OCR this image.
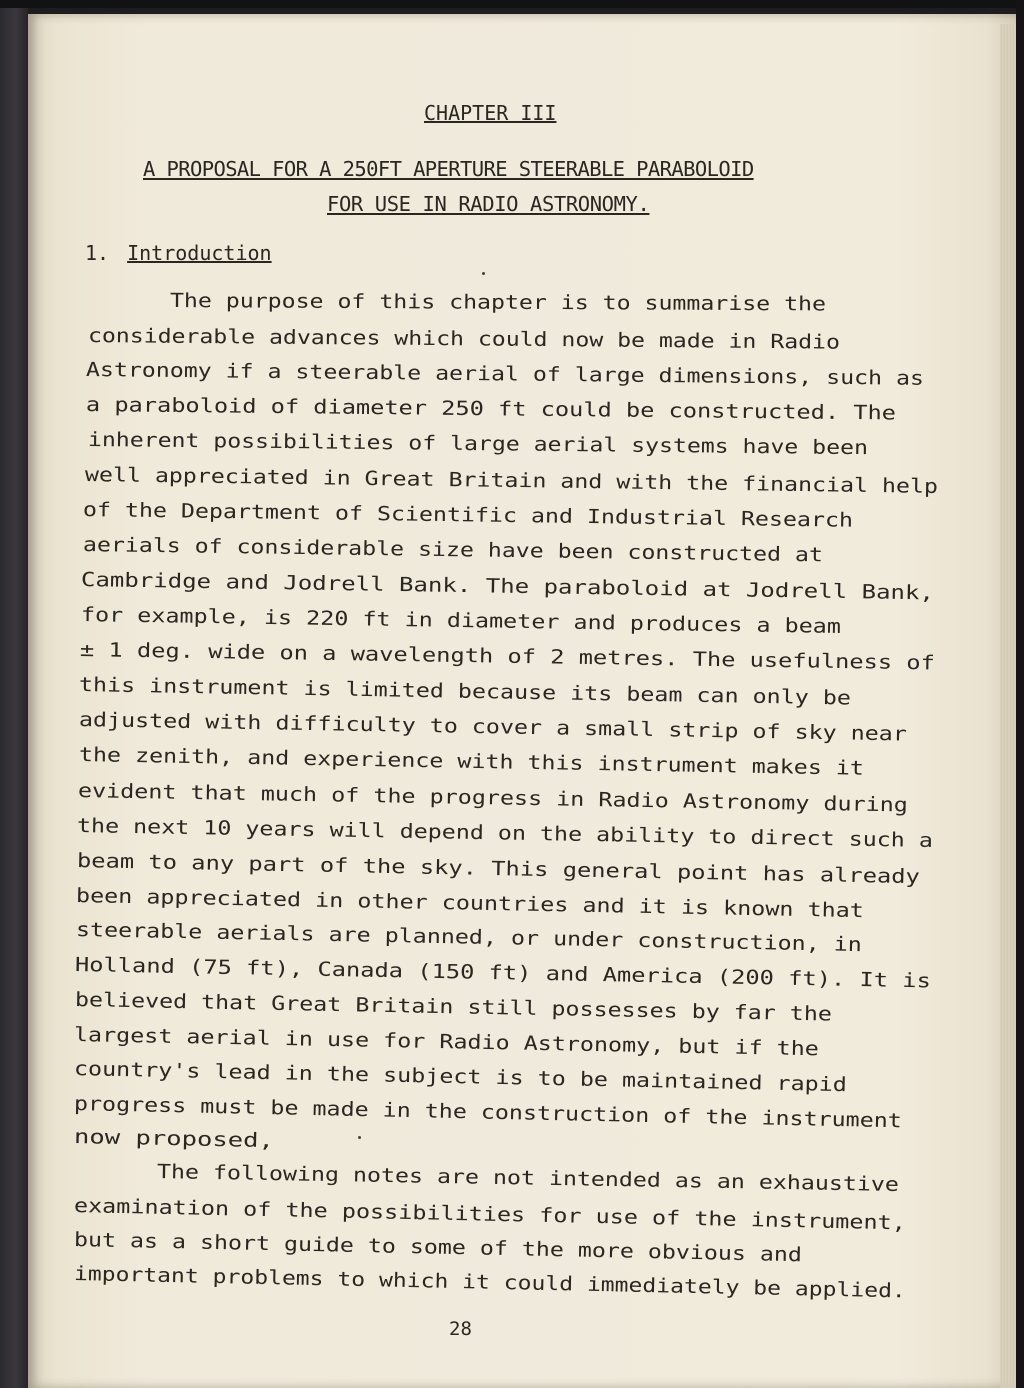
CHAPTER III
A PROPOSAL FOR A 250FT APERTURE STEERABLE PARABOLOID
FOR USE IN RADIO ASTRONOMY.
1. Introduction
The purpose of this chapter is to summarise the
considerable advances which could now be made in Radio
Astronomy if a steerable aerial of large dimensions, such as
a paraboloid of diameter 250 ft could be constructed. The
inherent possibilities of large aerial systems have been
well appreciated in Great Britain and with the financial help
of the Department of Scientific and Industrial Research
aerials of considerable size have been constructed at
Cambridge and Jodrell Bank. The paraboloid at Jodrell Bank,
for example, is 220 ft in diameter and produces a beam
± 1 deg. wide on a wavelength of 2 metres. The usefulness of
this instrument is limited because its beam can only be
adjusted with difficulty to cover a small strip of sky near
the zenith, and experience with this instrument makes it
evident that much of the progress in Radio Astronomy during
the next 10 years will depend on the ability to direct such a
beam to any part of the sky. This general point has already
been appreciated in other countries and it is known that
steerable aerials are planned, or under construction, in
Holland (75 ft), Canada (150 ft) and America (200 ft). It is
believed that Great Britain still possesses by far the
largest aerial in use for Radio Astronomy, but if the
country's lead in the subject is to be maintained rapid
progress must be made in the construction of the instrument
now proposed,
The following notes are not intended as an exhaustive
examination of the possibilities for use of the instrument,
but as a short guide to some of the more obvious and
important problems to which it could immediately be applied.
28
